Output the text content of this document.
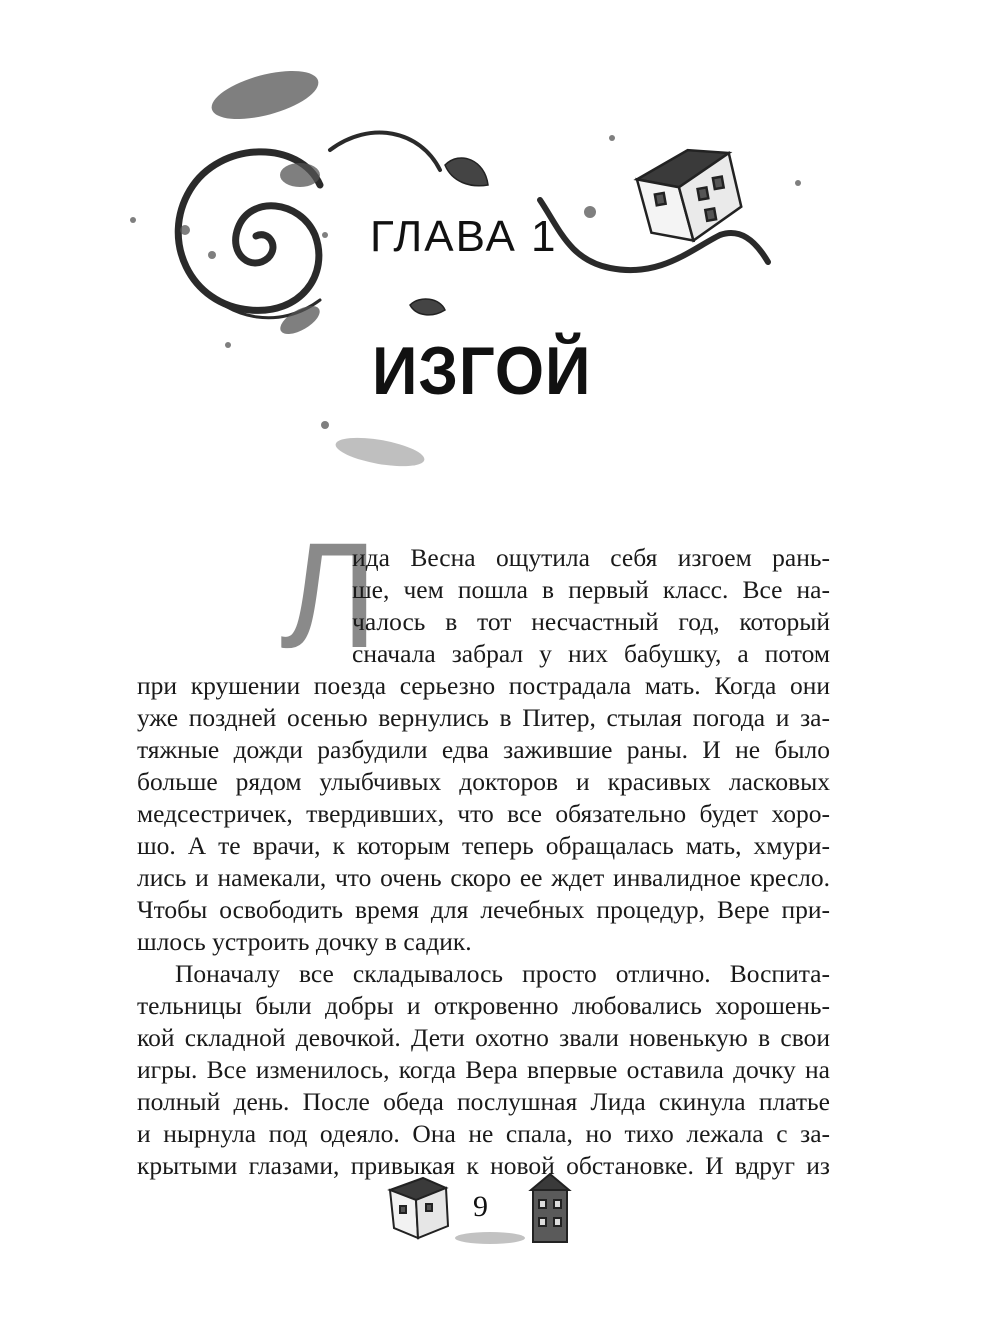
ГЛАВА 1
ИЗГОЙ
Л
ида Весна ощутила себя изгоем рань-
ше, чем пошла в первый класс. Все на-
чалось в тот несчастный год, который
сначала забрал у них бабушку, а потом
при крушении поезда серьезно пострадала мать. Когда они
уже поздней осенью вернулись в Питер, стылая погода и за-
тяжные дожди разбудили едва зажившие раны. И не было
больше рядом улыбчивых докторов и красивых ласковых
медсестричек, твердивших, что все обязательно будет хоро-
шо. А те врачи, к которым теперь обращалась мать, хмури-
лись и намекали, что очень скоро ее ждет инвалидное кресло.
Чтобы освободить время для лечебных процедур, Вере при-
шлось устроить дочку в садик.
Поначалу все складывалось просто отлично. Воспита-
тельницы были добры и откровенно любовались хорошень-
кой складной девочкой. Дети охотно звали новенькую в свои
игры. Все изменилось, когда Вера впервые оставила дочку на
полный день. После обеда послушная Лида скинула платье
и нырнула под одеяло. Она не спала, но тихо лежала с за-
крытыми глазами, привыкая к новой обстановке. И вдруг из
9
